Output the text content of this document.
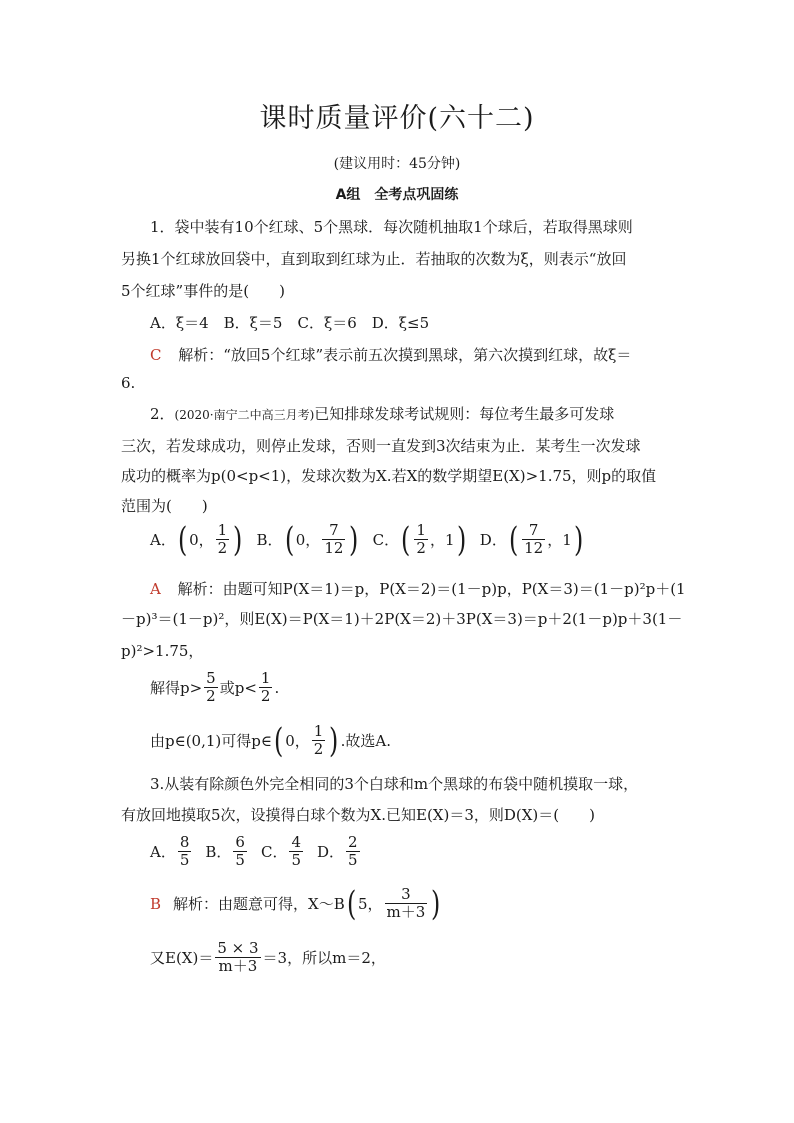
课时质量评价(六十二)
(建议用时：45分钟)
A组　全考点巩固练
1．袋中装有10个红球、5个黑球．每次随机抽取1个球后，若取得黑球则
另换1个红球放回袋中，直到取到红球为止．若抽取的次数为ξ，则表示“放回
5个红球”事件的是(　　)
A．ξ＝4　B．ξ＝5　C．ξ＝6　D．ξ≤5
C 解析：“放回5个红球”表示前五次摸到黑球，第六次摸到红球，故ξ＝
6.
2．(2020·南宁二中高三月考)已知排球发球考试规则：每位考生最多可发球
三次，若发球成功，则停止发球，否则一直发到3次结束为止．某考生一次发球
成功的概率为p(0<p<1)，发球次数为X.若X的数学期望E(X)>1.75，则p的取值
范围为(　　)
A． ( 0， $\frac{1}{2}$ ) B． ( 0， $\frac{7}{12}$ ) C． ( $\frac{1}{2}$ ， 1 ) D． ( $\frac{7}{12}$ ， 1 )
A 解析：由题可知P(X＝1)＝p，P(X＝2)＝(1－p)p，P(X＝3)＝(1－p)²p＋(1
－p)³＝(1－p)²，则E(X)＝P(X＝1)＋2P(X＝2)＋3P(X＝3)＝p＋2(1－p)p＋3(1－
p)²>1.75，
解得$p> \frac{5}{2}$ 或$p< \frac{1}{2}$ .
由p∈(0,1)可得p∈ ( 0， $\frac{1}{2}$ ) .故选A.
3.从装有除颜色外完全相同的3个白球和m个黑球的布袋中随机摸取一球，
有放回地摸取5次，设摸得白球个数为X.已知E(X)＝3，则D(X)＝(　　)
A． $\frac{8}{5}$ B． $\frac{6}{5}$ C． $\frac{4}{5}$ D． $\frac{2}{5}$
B 解析：由题意可得，X～B ( 5， $\frac{3}{m+3}$ )
又$E(X)= \frac{5 \times 3}{m+3} =3$，所以m＝2，
